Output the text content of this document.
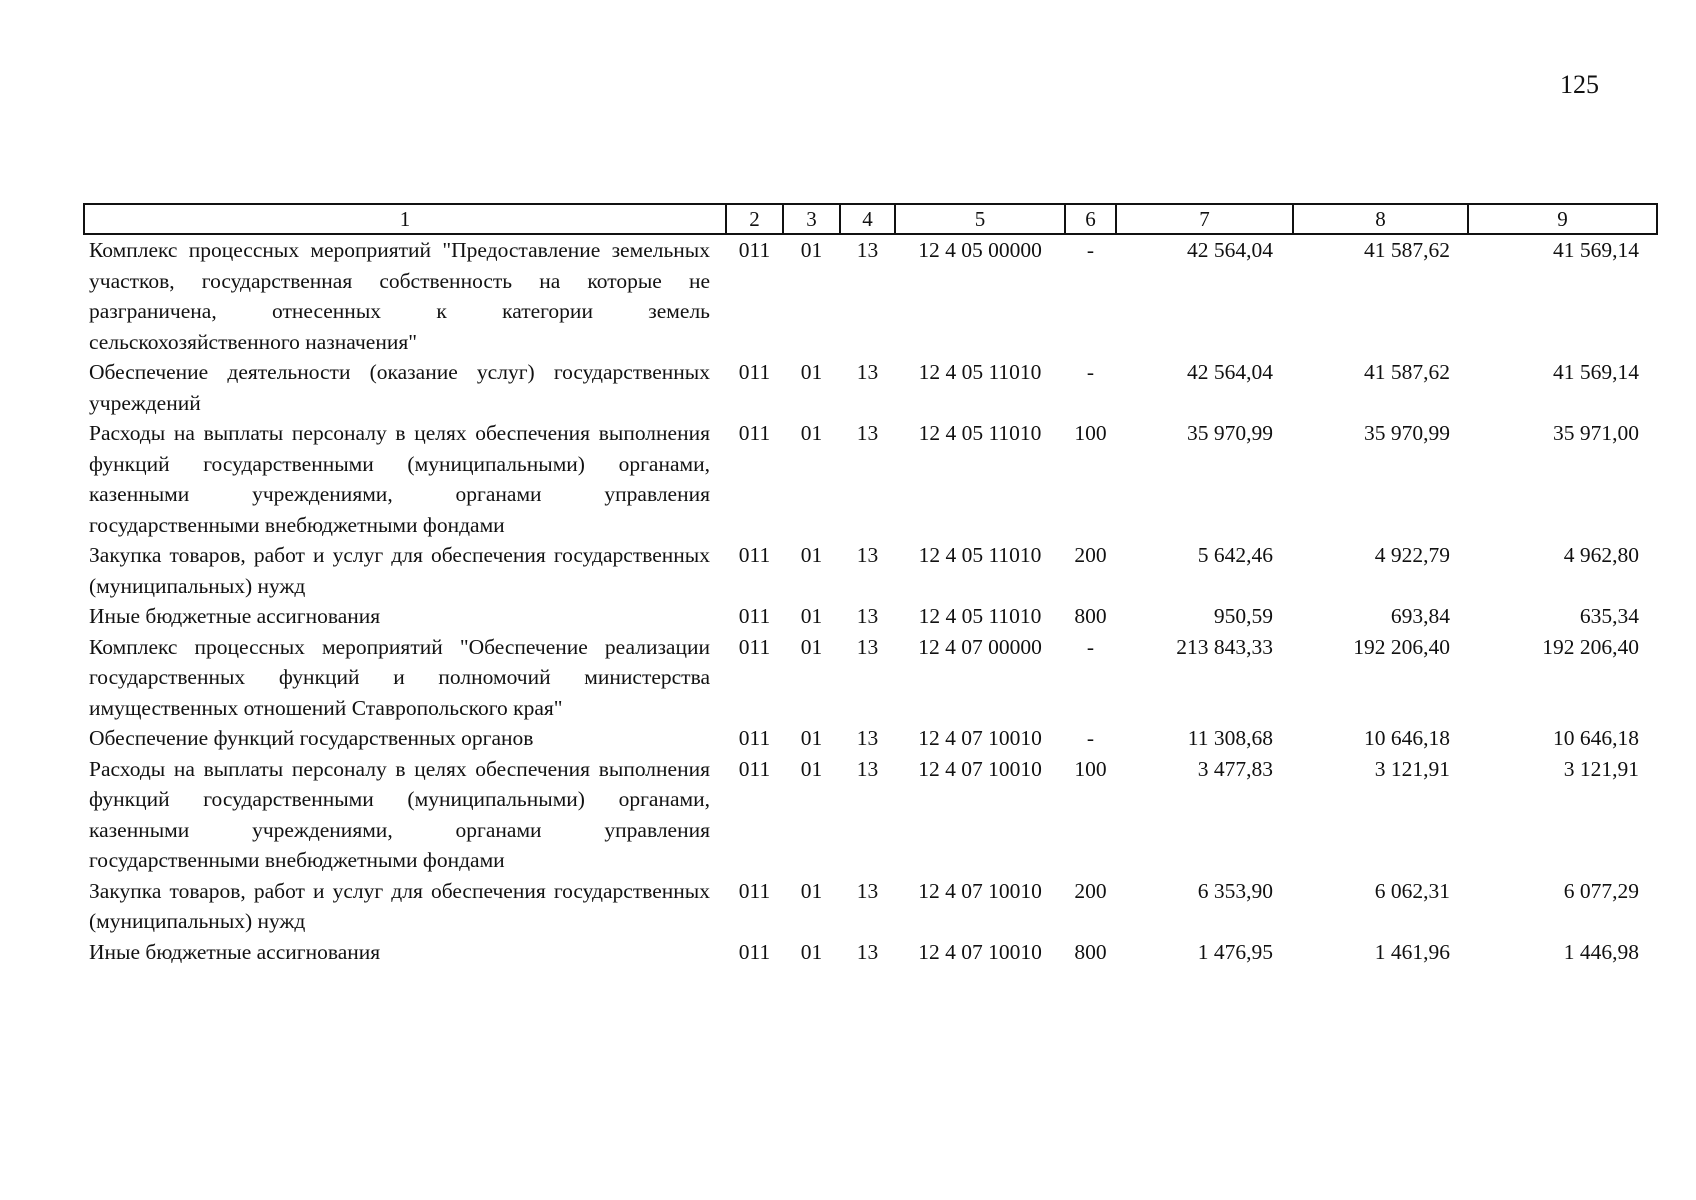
125
1	2	3	4	5	6	7	8	9
Комплекс процессных мероприятий "Предоставление земельных участков, государственная собственность на которые не разграничена, отнесенных к категории земель сельскохозяйственного назначения"	011	01	13	12 4 05 00000	-	42 564,04	41 587,62	41 569,14
Обеспечение деятельности (оказание услуг) государственных учреждений	011	01	13	12 4 05 11010	-	42 564,04	41 587,62	41 569,14
Расходы на выплаты персоналу в целях обеспечения выполнения функций государственными (муниципальными) органами, казенными учреждениями, органами управления государственными внебюджетными фондами	011	01	13	12 4 05 11010	100	35 970,99	35 970,99	35 971,00
Закупка товаров, работ и услуг для обеспечения государственных (муниципальных) нужд	011	01	13	12 4 05 11010	200	5 642,46	4 922,79	4 962,80
Иные бюджетные ассигнования	011	01	13	12 4 05 11010	800	950,59	693,84	635,34
Комплекс процессных мероприятий "Обеспечение реализации государственных функций и полномочий министерства имущественных отношений Ставропольского края"	011	01	13	12 4 07 00000	-	213 843,33	192 206,40	192 206,40
Обеспечение функций государственных органов	011	01	13	12 4 07 10010	-	11 308,68	10 646,18	10 646,18
Расходы на выплаты персоналу в целях обеспечения выполнения функций государственными (муниципальными) органами, казенными учреждениями, органами управления государственными внебюджетными фондами	011	01	13	12 4 07 10010	100	3 477,83	3 121,91	3 121,91
Закупка товаров, работ и услуг для обеспечения государственных (муниципальных) нужд	011	01	13	12 4 07 10010	200	6 353,90	6 062,31	6 077,29
Иные бюджетные ассигнования	011	01	13	12 4 07 10010	800	1 476,95	1 461,96	1 446,98
